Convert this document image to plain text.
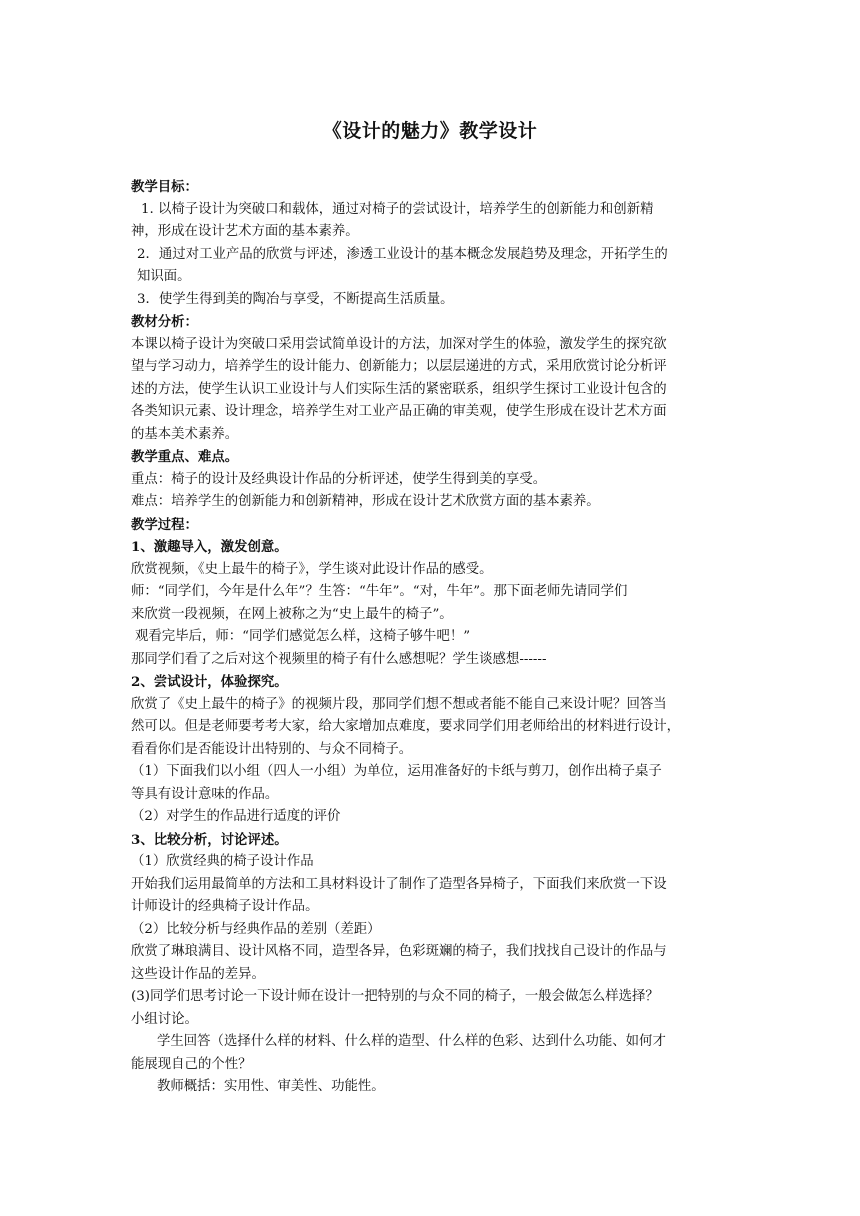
《设计的魅力》教学设计

教学目标：

1. 以椅子设计为突破口和载体，通过对椅子的尝试设计，培养学生的创新能力和创新精

神，形成在设计艺术方面的基本素养。

2．通过对工业产品的欣赏与评述，渗透工业设计的基本概念发展趋势及理念，开拓学生的

知识面。

3．使学生得到美的陶冶与享受，不断提高生活质量。

教材分析：

本课以椅子设计为突破口采用尝试简单设计的方法，加深对学生的体验，激发学生的探究欲

望与学习动力，培养学生的设计能力、创新能力；以层层递进的方式，采用欣赏讨论分析评

述的方法，使学生认识工业设计与人们实际生活的紧密联系，组织学生探讨工业设计包含的

各类知识元素、设计理念，培养学生对工业产品正确的审美观，使学生形成在设计艺术方面

的基本美术素养。

教学重点、难点。

重点：椅子的设计及经典设计作品的分析评述，使学生得到美的享受。

难点：培养学生的创新能力和创新精神，形成在设计艺术欣赏方面的基本素养。

教学过程：

1、激趣导入，激发创意。

欣赏视频，《史上最牛的椅子》，学生谈对此设计作品的感受。

师：“同学们，今年是什么年”？生答：“牛年”。“对，牛年”。那下面老师先请同学们

来欣赏一段视频，在网上被称之为“史上最牛的椅子”。

观看完毕后，师：“同学们感觉怎么样，这椅子够牛吧！”

那同学们看了之后对这个视频里的椅子有什么感想呢？学生谈感想------

2、尝试设计，体验探究。

欣赏了《史上最牛的椅子》的视频片段，那同学们想不想或者能不能自己来设计呢？回答当

然可以。但是老师要考考大家，给大家增加点难度，要求同学们用老师给出的材料进行设计，

看看你们是否能设计出特别的、与众不同椅子。

（1）下面我们以小组（四人一小组）为单位，运用准备好的卡纸与剪刀，创作出椅子桌子

等具有设计意味的作品。

（2）对学生的作品进行适度的评价

3、比较分析，讨论评述。

（1）欣赏经典的椅子设计作品

开始我们运用最简单的方法和工具材料设计了制作了造型各异椅子，下面我们来欣赏一下设

计师设计的经典椅子设计作品。

（2）比较分析与经典作品的差别（差距）

欣赏了琳琅满目、设计风格不同，造型各异，色彩斑斓的椅子，我们找找自己设计的作品与

这些设计作品的差异。

(3)同学们思考讨论一下设计师在设计一把特别的与众不同的椅子，一般会做怎么样选择？

小组讨论。

学生回答（选择什么样的材料、什么样的造型、什么样的色彩、达到什么功能、如何才

能展现自己的个性？

教师概括：实用性、审美性、功能性。
